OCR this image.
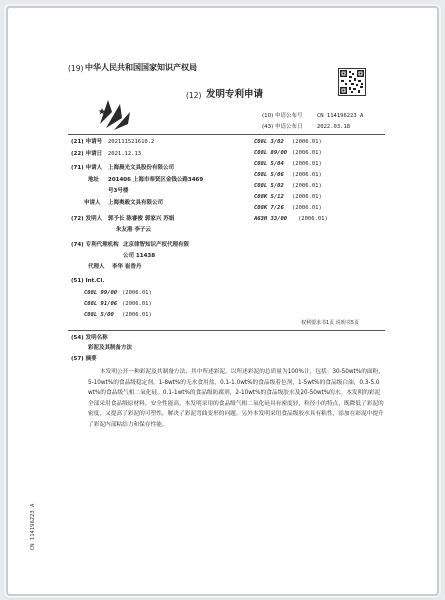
(19) 中华人民共和国国家知识产权局
(12) 发明专利申请
(10) 申请公布号	CN 114196223 A
(43) 申请公布日	2022.03.18
(21) 申请号 202111521610.2
(22) 申请日 2021.12.13
(71) 申请人 上海晨光文具股份有限公司
地址 201406 上海市奉贤区金钱公路3469
号3号楼
申请人 上海奥毅文具有限公司
(72) 发明人 郭予长 陈睿俊 郭家兴 苏娟
朱友港 李子云
(74) 专利代理机构 北京律智知识产权代理有限
公司 11438
代理人 李华 崔香丹
(51) Int.Cl.
C08L 99/00 (2006.01)
C08L 91/06 (2006.01)
C08L 5/00 (2006.01)
C08L 3/02 (2006.01)
C08L 89/00 (2006.01)
C08L 5/04 (2006.01)
C08L 5/06 (2006.01)
C08L 5/02 (2006.01)
C08K 5/12 (2006.01)
C08K 7/26 (2006.01)
A63H 33/00 (2006.01)
权利要求书1页 说明书5页
(54) 发明名称
彩泥及其制备方法
(57) 摘要
本发明公开一种彩泥及其制备方法，其中所述彩泥，以所述彩泥的总质量为100%计，包括：30-50wt%的面粉，5-10wt%的食品级稳定剂，1-8wt%的无水食用盐，0.1-1.0wt%的食品级着色剂，1-5wt%的食品级白油，0.3-5.0wt%的食品级气相二氧化硅，0.1-1wt%的食品级防腐剂，2-10wt%的食品级胶水及20-50wt%的水。本发明的彩泥全部采用食品级原材料，安全性能高。本发明采用的食品级气相二氧化硅具有密度轻，粒径小的特点，既降低了彩泥的密度，又提高了彩泥的可塑性，解决了彩泥弯曲变形的问题。另外本发明采用食品级胶水具有粘性，添加在彩泥中提升了彩泥内部粘结力和保存性能。
CN 114196223 A
